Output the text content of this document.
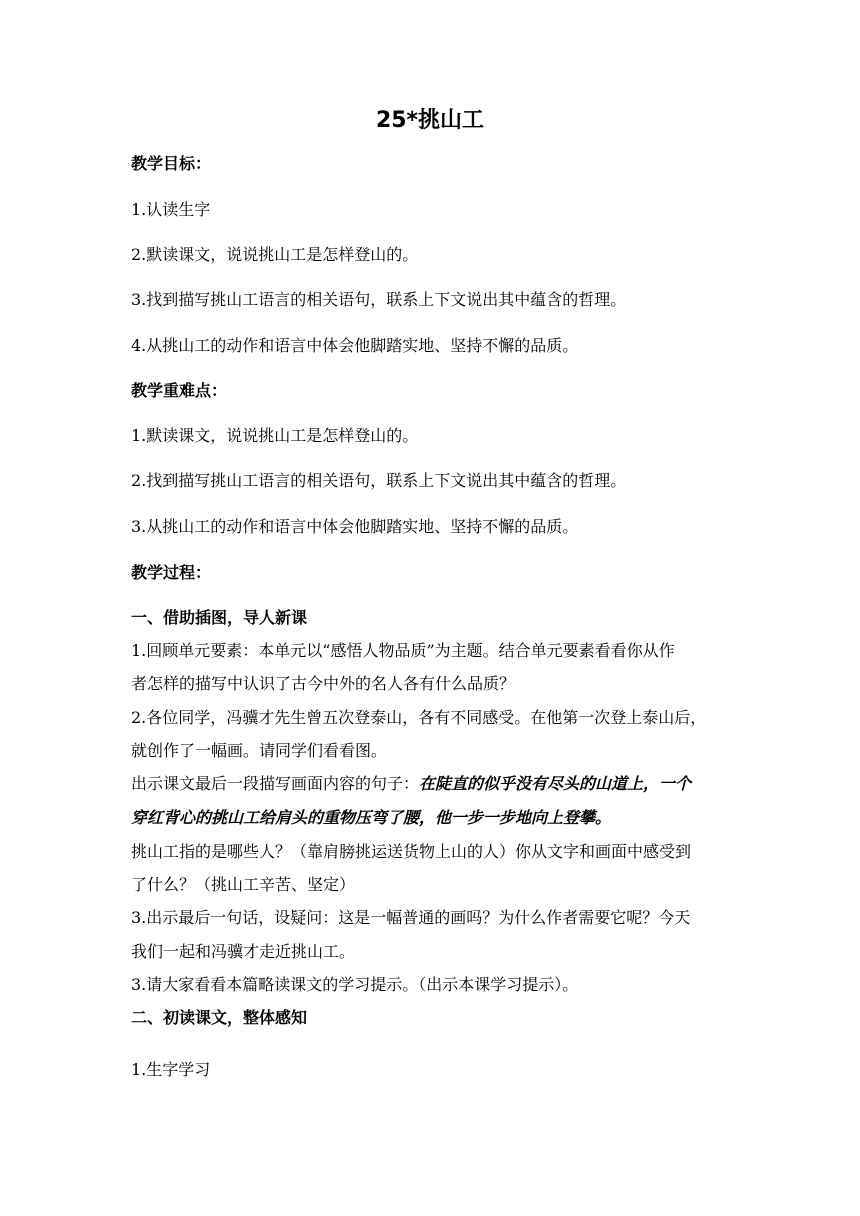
25*挑山工
教学目标：
1.认读生字
2.默读课文，说说挑山工是怎样登山的。
3.找到描写挑山工语言的相关语句，联系上下文说出其中蕴含的哲理。
4.从挑山工的动作和语言中体会他脚踏实地、坚持不懈的品质。
教学重难点：
1.默读课文，说说挑山工是怎样登山的。
2.找到描写挑山工语言的相关语句，联系上下文说出其中蕴含的哲理。
3.从挑山工的动作和语言中体会他脚踏实地、坚持不懈的品质。
教学过程：
一、借助插图，导人新课
1.回顾单元要素：本单元以“感悟人物品质”为主题。结合单元要素看看你从作
者怎样的描写中认识了古今中外的名人各有什么品质？
2.各位同学，冯骥才先生曾五次登泰山，各有不同感受。在他第一次登上泰山后，
就创作了一幅画。请同学们看看图。
出示课文最后一段描写画面内容的句子：在陡直的似乎没有尽头的山道上，一个
穿红背心的挑山工给肩头的重物压弯了腰，他一步一步地向上登攀。
挑山工指的是哪些人？（靠肩膀挑运送货物上山的人）你从文字和画面中感受到
了什么？（挑山工辛苦、坚定）
3.出示最后一句话，设疑问：这是一幅普通的画吗？为什么作者需要它呢？今天
我们一起和冯骥才走近挑山工。
3.请大家看看本篇略读课文的学习提示。（出示本课学习提示）。
二、初读课文，整体感知
1.生字学习
